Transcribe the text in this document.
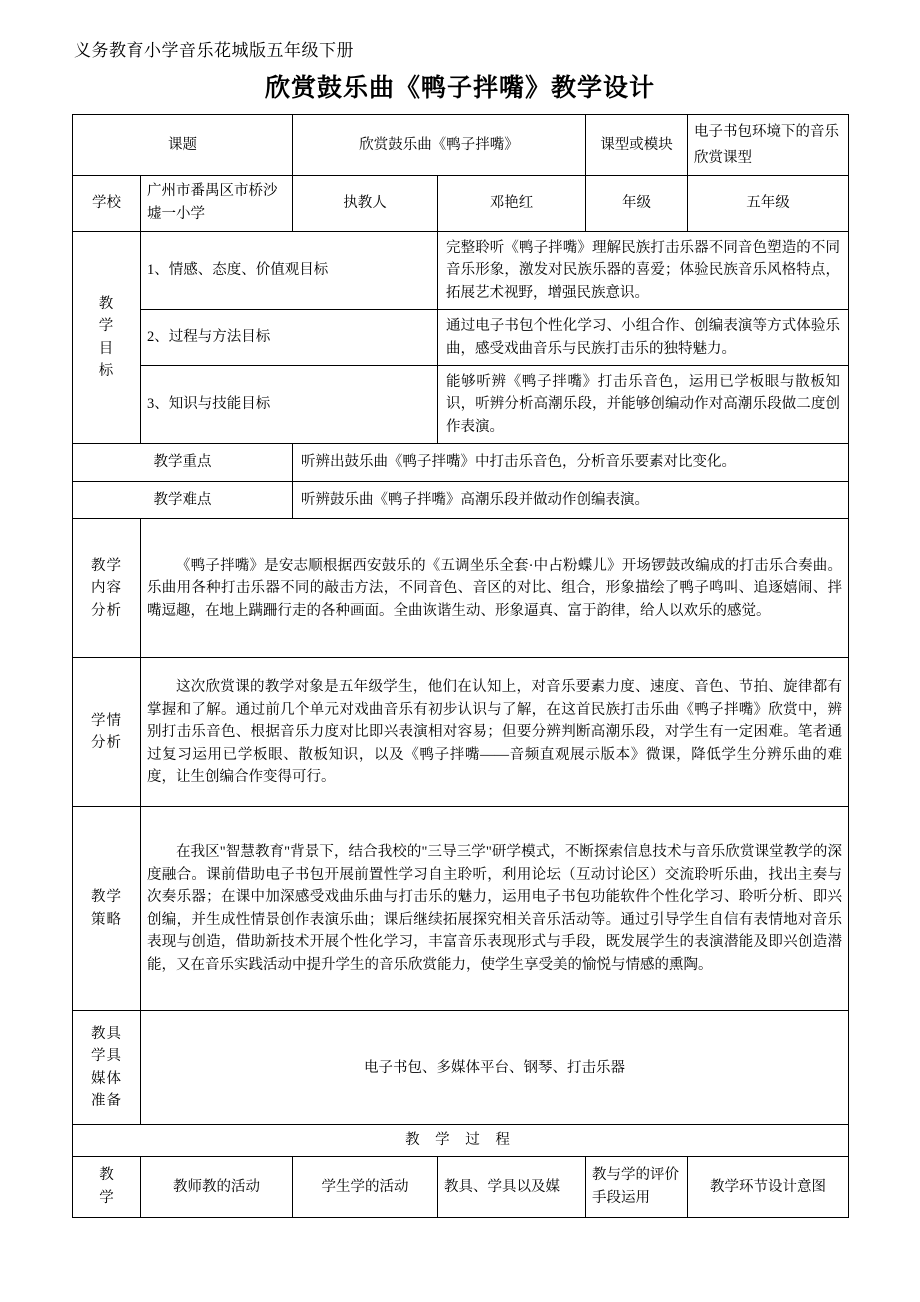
义务教育小学音乐花城版五年级下册
欣赏鼓乐曲《鸭子拌嘴》教学设计
课题		欣赏鼓乐曲《鸭子拌嘴》		课型或模块	电子书包环境下的音乐欣赏课型
学校	广州市番禺区市桥沙墟一小学	执教人	邓艳红	年级	五年级
教
学
目
标	1、情感、态度、价值观目标		完整聆听《鸭子拌嘴》理解民族打击乐器不同音色塑造的不同音乐形象，激发对民族乐器的喜爱；体验民族音乐风格特点，拓展艺术视野，增强民族意识。		
	2、过程与方法目标		通过电子书包个性化学习、小组合作、创编表演等方式体验乐曲，感受戏曲音乐与民族打击乐的独特魅力。		
	3、知识与技能目标		能够听辨《鸭子拌嘴》打击乐音色，运用已学板眼与散板知识，听辨分析高潮乐段，并能够创编动作对高潮乐段做二度创作表演。		
教学重点		听辨出鼓乐曲《鸭子拌嘴》中打击乐音色，分析音乐要素对比变化。			
教学难点		听辨鼓乐曲《鸭子拌嘴》高潮乐段并做动作创编表演。			
教学
内容
分析	《鸭子拌嘴》是安志顺根据西安鼓乐的《五调坐乐全套·中占粉蝶儿》开场锣鼓改编成的打击乐合奏曲。乐曲用各种打击乐器不同的敲击方法，不同音色、音区的对比、组合，形象描绘了鸭子鸣叫、追逐嬉闹、拌嘴逗趣，在地上蹒跚行走的各种画面。全曲诙谐生动、形象逼真、富于韵律，给人以欢乐的感觉。				
学情
分析	这次欣赏课的教学对象是五年级学生，他们在认知上，对音乐要素力度、速度、音色、节拍、旋律都有掌握和了解。通过前几个单元对戏曲音乐有初步认识与了解，在这首民族打击乐曲《鸭子拌嘴》欣赏中，辨别打击乐音色、根据音乐力度对比即兴表演相对容易；但要分辨判断高潮乐段，对学生有一定困难。笔者通过复习运用已学板眼、散板知识，以及《鸭子拌嘴——音频直观展示版本》微课，降低学生分辨乐曲的难度，让生创编合作变得可行。				
教学
策略	在我区"智慧教育"背景下，结合我校的"三导三学"研学模式，不断探索信息技术与音乐欣赏课堂教学的深度融合。课前借助电子书包开展前置性学习自主聆听，利用论坛（互动讨论区）交流聆听乐曲，找出主奏与次奏乐器；在课中加深感受戏曲乐曲与打击乐的魅力，运用电子书包功能软件个性化学习、聆听分析、即兴创编，并生成性情景创作表演乐曲；课后继续拓展探究相关音乐活动等。通过引导学生自信有表情地对音乐表现与创造，借助新技术开展个性化学习，丰富音乐表现形式与手段，既发展学生的表演潜能及即兴创造潜能，又在音乐实践活动中提升学生的音乐欣赏能力，使学生享受美的愉悦与情感的熏陶。				
教具
学具
媒体
准备	电子书包、多媒体平台、钢琴、打击乐器				
教 学 过 程					
教
学	教师教的活动	学生学的活动	教具、学具以及媒	教与学的评价手段运用	教学环节设计意图
